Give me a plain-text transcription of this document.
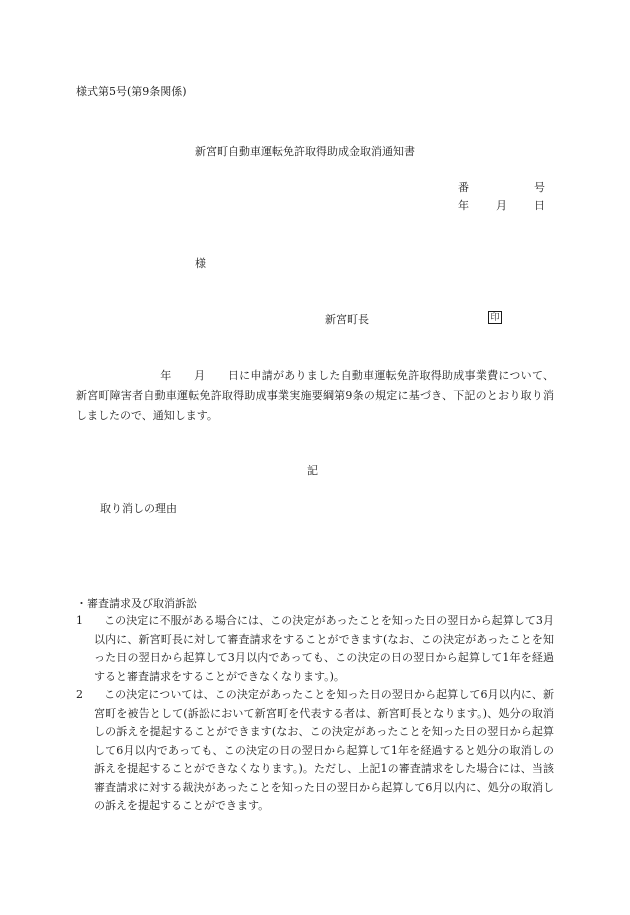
様式第5号(第9条関係)
新宮町自動車運転免許取得助成金取消通知書
番	号
年 月 日
様
新宮町長	印
年　　月　　日に申請がありました自動車運転免許取得助成事業費について、新宮町障害者自動車運転免許取得助成事業実施要綱第9条の規定に基づき、下記のとおり取り消しましたので、通知します。
記
取り消しの理由
・審査請求及び取消訴訟
1	この決定に不服がある場合には、この決定があったことを知った日の翌日から起算して3月以内に、新宮町長に対して審査請求をすることができます(なお、この決定があったことを知った日の翌日から起算して3月以内であっても、この決定の日の翌日から起算して1年を経過すると審査請求をすることができなくなります。)。
2	この決定については、この決定があったことを知った日の翌日から起算して6月以内に、新宮町を被告として(訴訟において新宮町を代表する者は、新宮町長となります。)、処分の取消しの訴えを提起することができます(なお、この決定があったことを知った日の翌日から起算して6月以内であっても、この決定の日の翌日から起算して1年を経過すると処分の取消しの訴えを提起することができなくなります。)。ただし、上記1の審査請求をした場合には、当該審査請求に対する裁決があったことを知った日の翌日から起算して6月以内に、処分の取消しの訴えを提起することができます。
